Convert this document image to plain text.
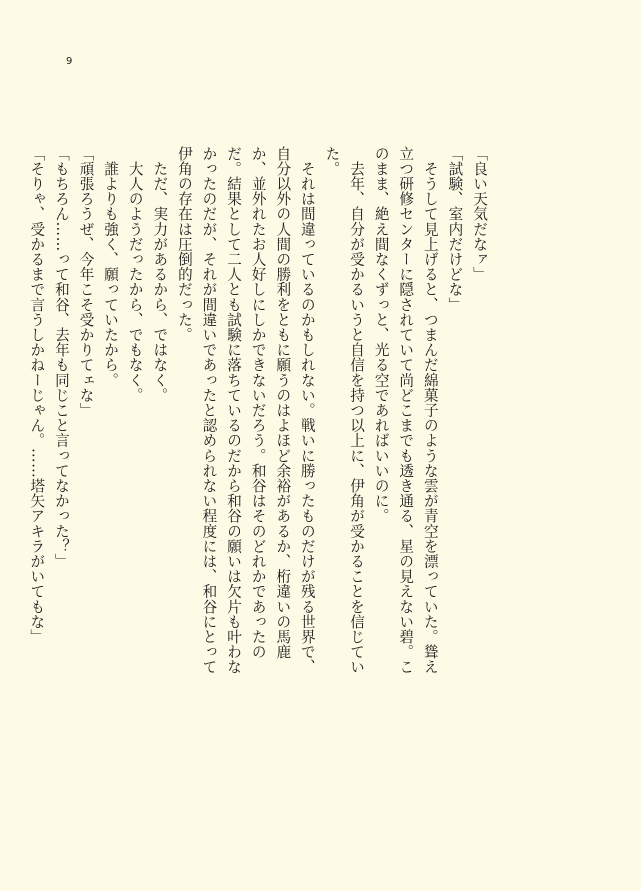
9

「良い天気だなァ」

「試験、室内だけどな」

　そうして見上げると、つまんだ綿菓子のような雲が青空を漂っていた。聳え立つ研修センターに隠されていて尚どこまでも透き通る、星の見えない碧。このまま、絶え間なくずっと、光る空であればいいのに。

　去年、自分が受かるいうと自信を持つ以上に、伊角が受かることを信じていた。

　それは間違っているのかもしれない。戦いに勝ったものだけが残る世界で、自分以外の人間の勝利をともに願うのはよほど余裕があるか、桁違いの馬鹿か、並外れたお人好しにしかできないだろう。和谷はそのどれかであったのだ。結果として二人とも試験に落ちているのだから和谷の願いは欠片も叶わなかったのだが、それが間違いであったと認められない程度には、和谷にとって伊角の存在は圧倒的だった。

　ただ、実力があるから、ではなく。

　大人のようだったから、でもなく。

　誰よりも強く、願っていたから。

「頑張ろうぜ、今年こそ受かりてェな」

「もちろん……って和谷、去年も同じこと言ってなかった？」

「そりゃ、受かるまで言うしかねーじゃん。……塔矢アキラがいてもな」
